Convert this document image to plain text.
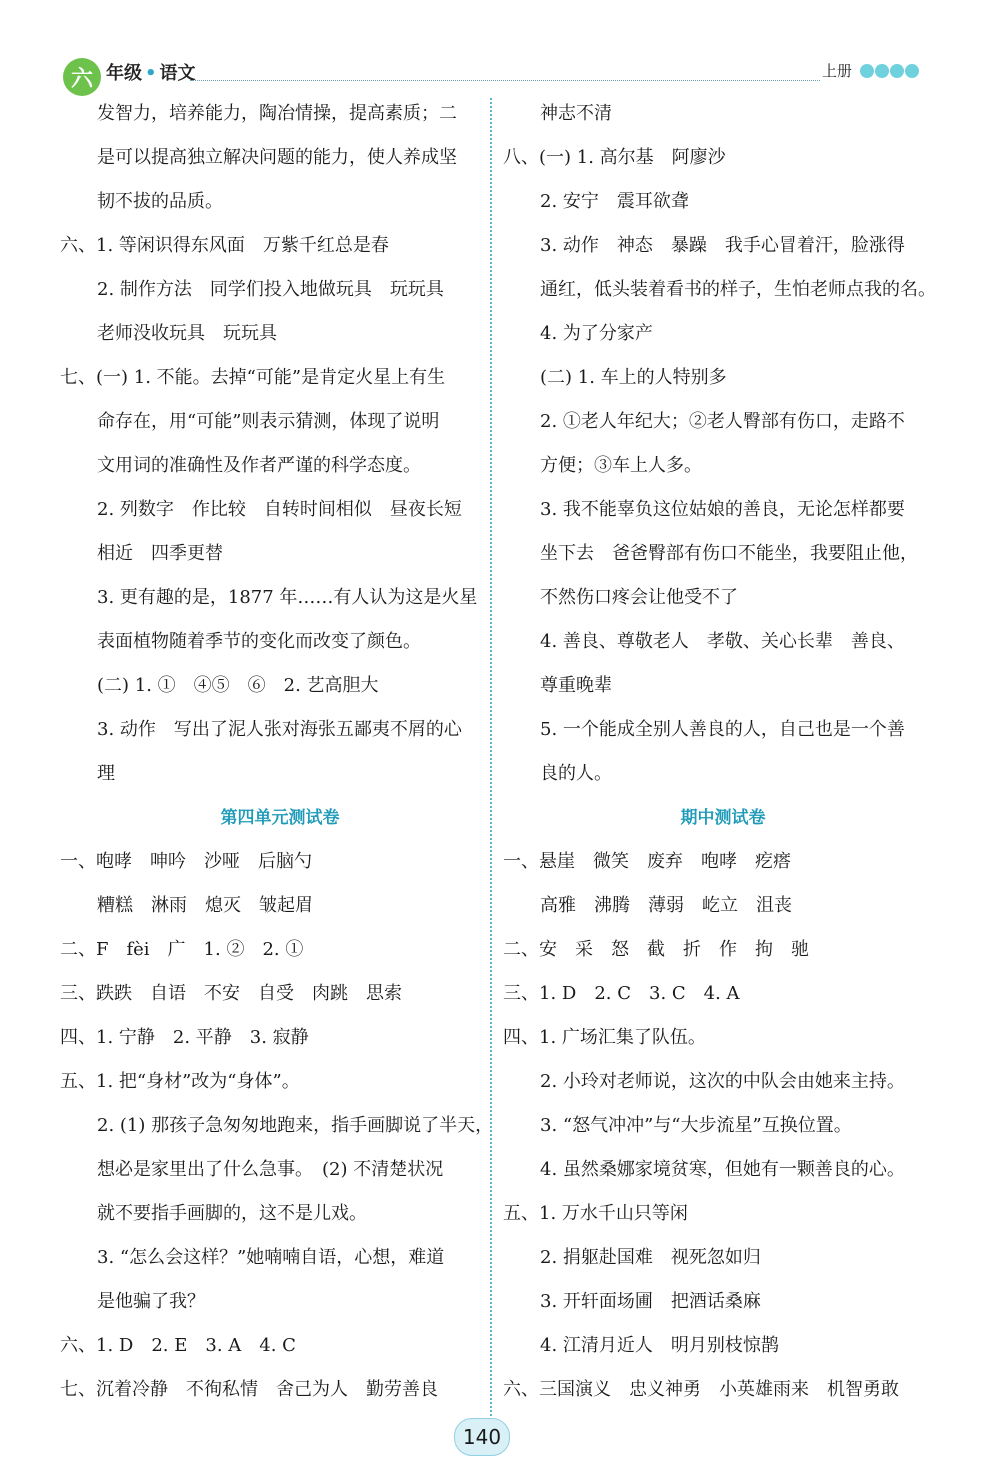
六 年级 • 语文	上册
发智力，培养能力，陶冶情操，提高素质；二
是可以提高独立解决问题的能力，使人养成坚
韧不拔的品质。
六、1. 等闲识得东风面　万紫千红总是春
2. 制作方法　同学们投入地做玩具　玩玩具
老师没收玩具　玩玩具
七、(一) 1. 不能。去掉“可能”是肯定火星上有生
命存在，用“可能”则表示猜测，体现了说明
文用词的准确性及作者严谨的科学态度。
2. 列数字　作比较　自转时间相似　昼夜长短
相近　四季更替
3. 更有趣的是，1877 年……有人认为这是火星
表面植物随着季节的变化而改变了颜色。
(二) 1. ①　④⑤　⑥　2. 艺高胆大
3. 动作　写出了泥人张对海张五鄙夷不屑的心
理
第四单元测试卷
一、咆哮　呻吟　沙哑　后脑勺
糟糕　淋雨　熄灭　皱起眉
二、F　fèi　广　1. ②　2. ①
三、跌跌　自语　不安　自受　肉跳　思索
四、1. 宁静　2. 平静　3. 寂静
五、1. 把“身材”改为“身体”。
2. (1) 那孩子急匆匆地跑来，指手画脚说了半天，
想必是家里出了什么急事。　(2) 不清楚状况
就不要指手画脚的，这不是儿戏。
3. “怎么会这样？”她喃喃自语，心想，难道
是他骗了我？
六、1. D　2. E　3. A　4. C
七、沉着冷静　不徇私情　舍己为人　勤劳善良
神志不清
八、(一) 1. 高尔基　阿廖沙
2. 安宁　震耳欲聋
3. 动作　神态　暴躁　我手心冒着汗，脸涨得
通红，低头装着看书的样子，生怕老师点我的名。
4. 为了分家产
(二) 1. 车上的人特别多
2. ①老人年纪大；②老人臀部有伤口，走路不
方便；③车上人多。
3. 我不能辜负这位姑娘的善良，无论怎样都要
坐下去　爸爸臀部有伤口不能坐，我要阻止他，
不然伤口疼会让他受不了
4. 善良、尊敬老人　孝敬、关心长辈　善良、
尊重晚辈
5. 一个能成全别人善良的人，自己也是一个善
良的人。
期中测试卷
一、悬崖　微笑　废弃　咆哮　疙瘩
高雅　沸腾　薄弱　屹立　沮丧
二、安　采　怒　截　折　作　拘　驰
三、1. D　2. C　3. C　4. A
四、1. 广场汇集了队伍。
2. 小玲对老师说，这次的中队会由她来主持。
3. “怒气冲冲”与“大步流星”互换位置。
4. 虽然桑娜家境贫寒，但她有一颗善良的心。
五、1. 万水千山只等闲
2. 捐躯赴国难　视死忽如归
3. 开轩面场圃　把酒话桑麻
4. 江清月近人　明月别枝惊鹊
六、三国演义　忠义神勇　小英雄雨来　机智勇敢
140
